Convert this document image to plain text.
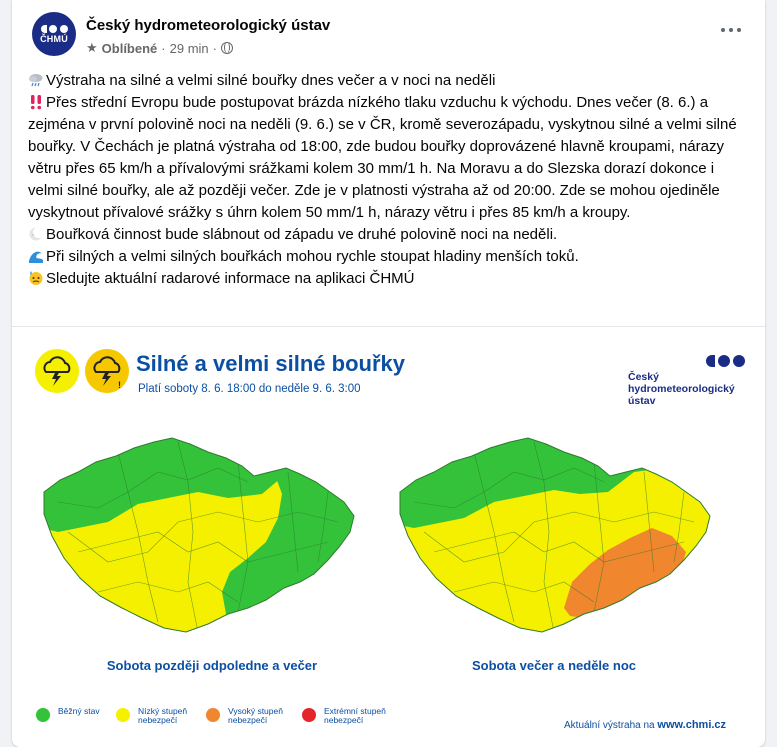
ČHMÚ
Český hydrometeorologický ústav
★ Oblíbené · 29 min ·

Výstraha na silné a velmi silné bouřky dnes večer a v noci na neděli

Přes střední Evropu bude postupovat brázda nízkého tlaku vzduchu k východu. Dnes večer (8. 6.) a zejména v první polovině noci na neděli (9. 6.) se v ČR, kromě severozápadu, vyskytnou silné a velmi silné bouřky. V Čechách je platná výstraha od 18:00, zde budou bouřky doprovázené hlavně kroupami, nárazy větru přes 65 km/h a přívalovými srážkami kolem 30 mm/1 h. Na Moravu a do Slezska dorazí dokonce i velmi silné bouřky, ale až později večer. Zde je v platnosti výstraha až od 20:00. Zde se mohou ojediněle vyskytnout přívalové srážky s úhrn kolem 50 mm/1 h, nárazy větru i přes 85 km/h a kroupy.

Bouřková činnost bude slábnout od západu ve druhé polovině noci na neděli.

Při silných a velmi silných bouřkách mohou rychle stoupat hladiny menších toků.

Sledujte aktuální radarové informace na aplikaci ČHMÚ

!
Silné a velmi silné bouřky
Platí soboty 8. 6. 18:00 do neděle 9. 6. 3:00
Český
hydrometeorologický
ústav
Sobota později odpoledne a večer	Sobota večer a neděle noc
Běžný stav	Nízký stupeň
nebezpečí
Vysoký stupeň
nebezpečí
Extrémní stupeň
nebezpečí	Aktuální výstraha na www.chmi.cz
